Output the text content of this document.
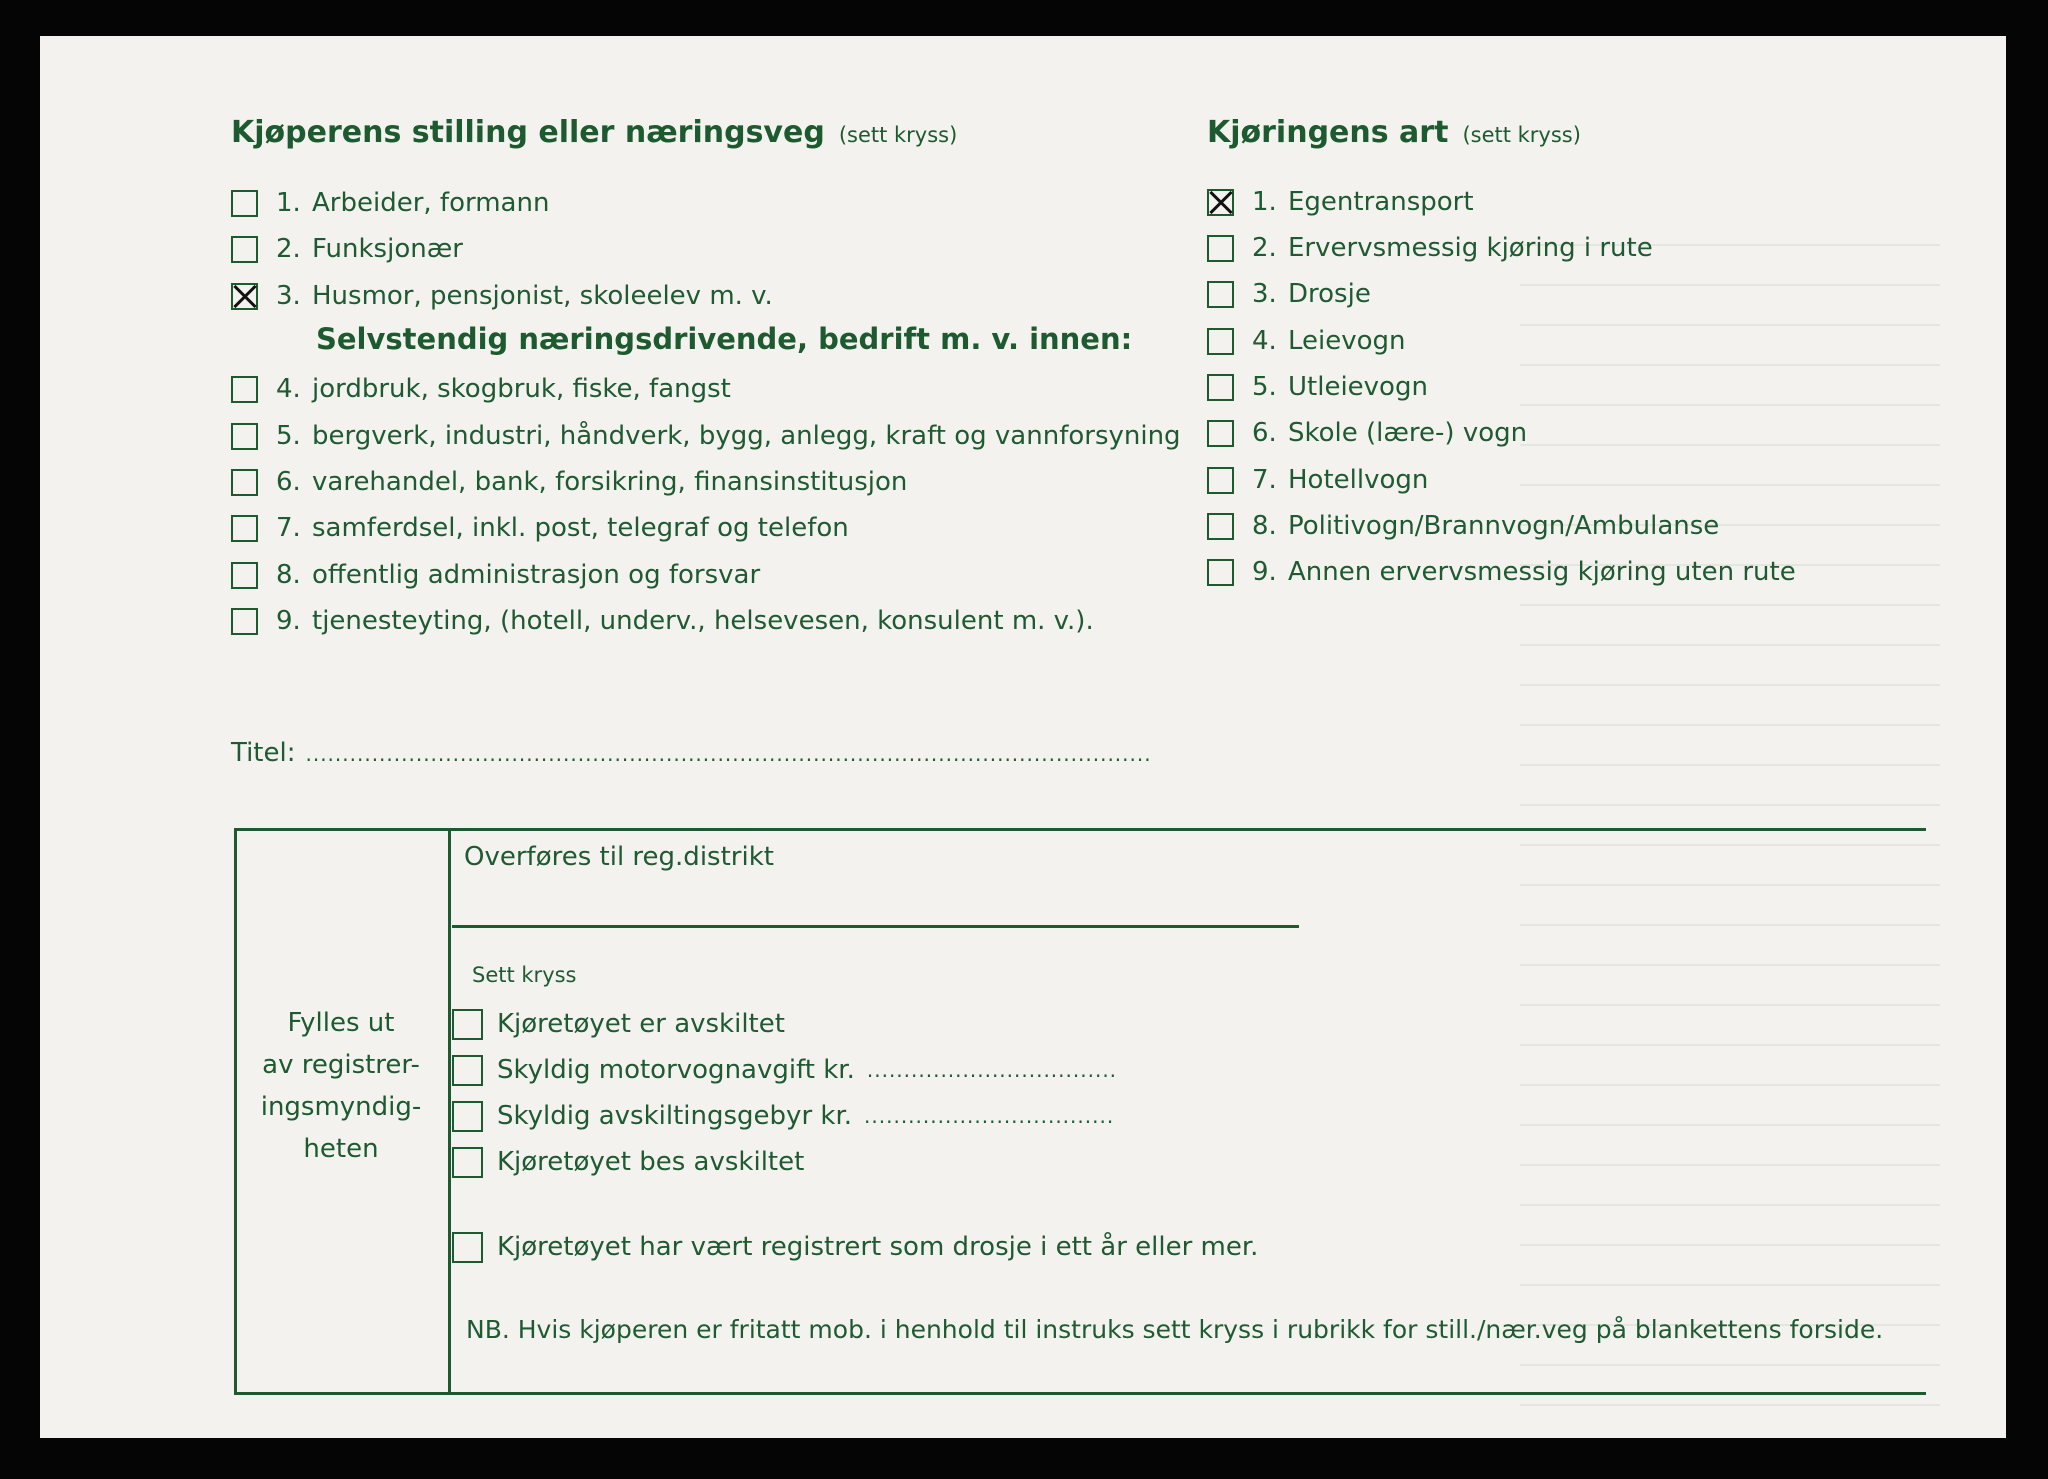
Kjøperens stilling eller næringsveg (sett kryss)
1. Arbeider, formann
2. Funksjonær
3. Husmor, pensjonist, skoleelev m. v.
Selvstendig næringsdrivende, bedrift m. v. innen:
4. jordbruk, skogbruk, fiske, fangst
5. bergverk, industri, håndverk, bygg, anlegg, kraft og vannforsyning
6. varehandel, bank, forsikring, finansinstitusjon
7. samferdsel, inkl. post, telegraf og telefon
8. offentlig administrasjon og forsvar
9. tjenesteyting, (hotell, underv., helsevesen, konsulent m. v.).
Kjøringens art (sett kryss)
1. Egentransport
2. Ervervsmessig kjøring i rute
3. Drosje
4. Leievogn
5. Utleievogn
6. Skole (lære-) vogn
7. Hotellvogn
8. Politivogn/Brannvogn/Ambulanse
9. Annen ervervsmessig kjøring uten rute
Titel: ...................................................................................................................
Fylles ut
av registrer-
ingsmyndig-
heten
Overføres til reg.distrikt
Sett kryss
Kjøretøyet er avskiltet
Skyldig motorvognavgift kr. ..................................
Skyldig avskiltingsgebyr kr. ..................................
Kjøretøyet bes avskiltet
Kjøretøyet har vært registrert som drosje i ett år eller mer.
NB. Hvis kjøperen er fritatt mob. i henhold til instruks sett kryss i rubrikk for still./nær.veg på blankettens forside.
